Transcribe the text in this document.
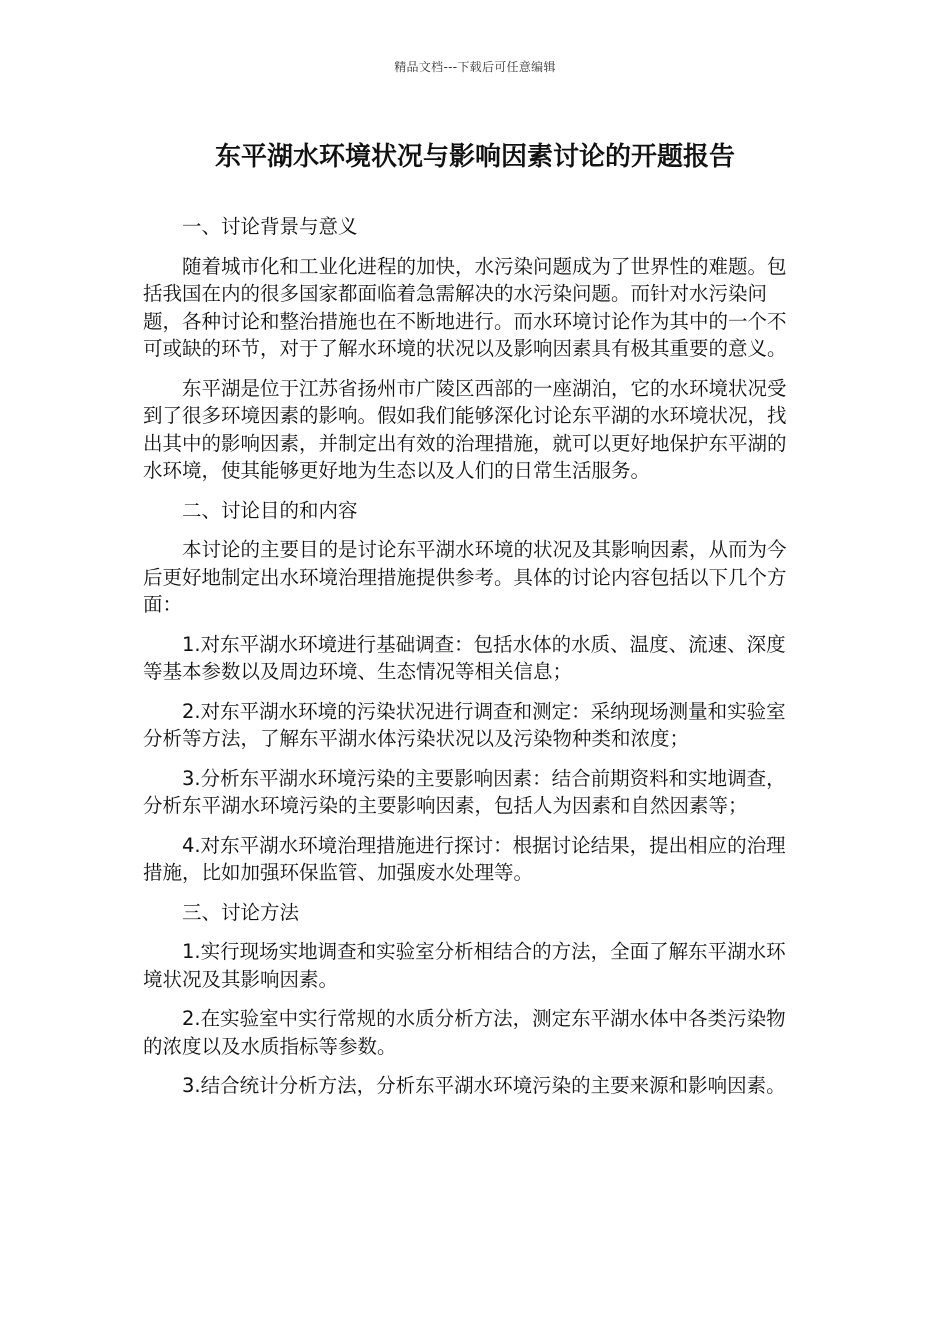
精品文档---下载后可任意编辑
东平湖水环境状况与影响因素讨论的开题报告

一、讨论背景与意义

随着城市化和工业化进程的加快，水污染问题成为了世界性的难题。包括我国在内的很多国家都面临着急需解决的水污染问题。而针对水污染问题，各种讨论和整治措施也在不断地进行。而水环境讨论作为其中的一个不可或缺的环节，对于了解水环境的状况以及影响因素具有极其重要的意义。

东平湖是位于江苏省扬州市广陵区西部的一座湖泊，它的水环境状况受到了很多环境因素的影响。假如我们能够深化讨论东平湖的水环境状况，找出其中的影响因素，并制定出有效的治理措施，就可以更好地保护东平湖的水环境，使其能够更好地为生态以及人们的日常生活服务。

二、讨论目的和内容

本讨论的主要目的是讨论东平湖水环境的状况及其影响因素，从而为今后更好地制定出水环境治理措施提供参考。具体的讨论内容包括以下几个方面：

1.对东平湖水环境进行基础调查：包括水体的水质、温度、流速、深度等基本参数以及周边环境、生态情况等相关信息；

2.对东平湖水环境的污染状况进行调查和测定：采纳现场测量和实验室分析等方法，了解东平湖水体污染状况以及污染物种类和浓度；

3.分析东平湖水环境污染的主要影响因素：结合前期资料和实地调查，分析东平湖水环境污染的主要影响因素，包括人为因素和自然因素等；

4.对东平湖水环境治理措施进行探讨：根据讨论结果，提出相应的治理措施，比如加强环保监管、加强废水处理等。

三、讨论方法

1.实行现场实地调查和实验室分析相结合的方法，全面了解东平湖水环境状况及其影响因素。

2.在实验室中实行常规的水质分析方法，测定东平湖水体中各类污染物的浓度以及水质指标等参数。

3.结合统计分析方法，分析东平湖水环境污染的主要来源和影响因素。
